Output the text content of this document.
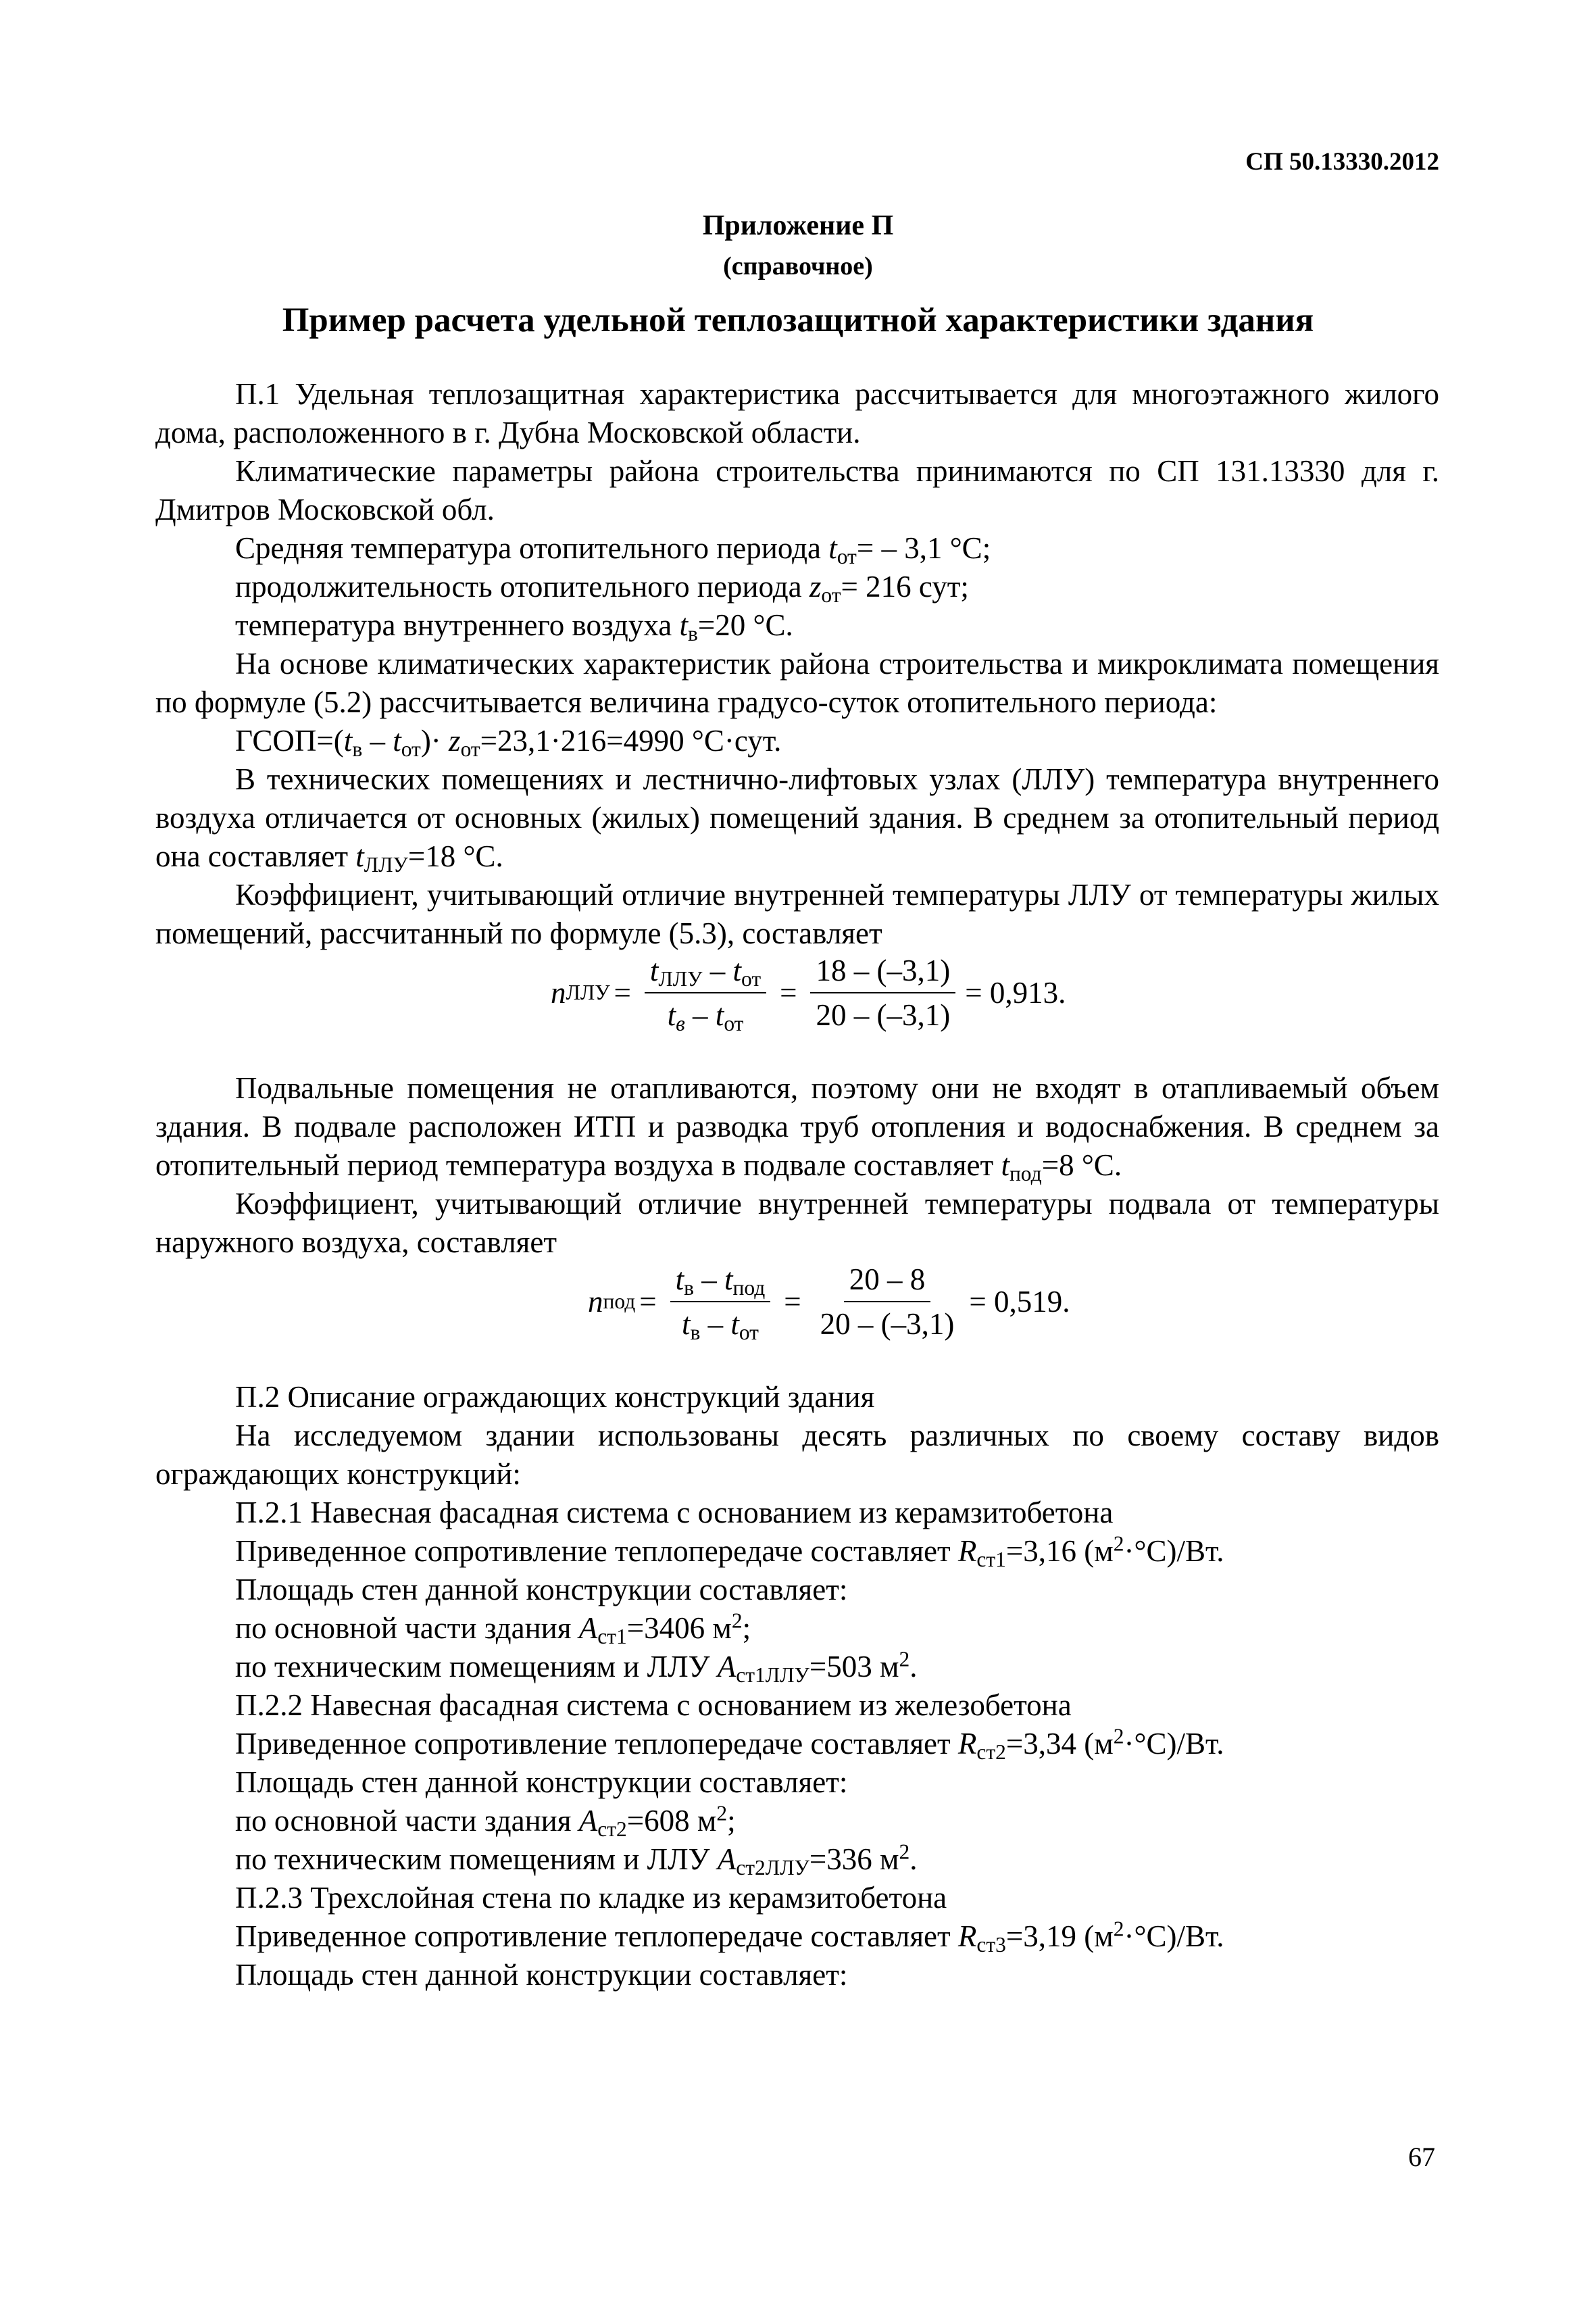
СП 50.13330.2012
Приложение П
(справочное)
Пример расчета удельной теплозащитной характеристики здания

П.1 Удельная теплозащитная характеристика рассчитывается для многоэтажного жилого дома, расположенного в г. Дубна Московской области.

Климатические параметры района строительства принимаются по СП 131.13330 для г. Дмитров Московской обл.

Средняя температура отопительного периода $t_{от}= - 3,1$ °С;

продолжительность отопительного периода $z_{от}= 216$ сут;

температура внутреннего воздуха $t_в=20$ °С.

На основе климатических характеристик района строительства и микроклимата помещения по формуле (5.2) рассчитывается величина градусо-суток отопительного периода:

$ГСОП=(t_в - t_{от})\cdot z_{от}=23,1\cdot 216=4990$ °С·сут.

В технических помещениях и лестнично-лифтовых узлах (ЛЛУ) температура внутреннего воздуха отличается от основных (жилых) помещений здания. В среднем за отопительный период она составляет $t_{ЛЛУ}=18$ °С.

Коэффициент, учитывающий отличие внутренней температуры ЛЛУ от температуры жилых помещений, рассчитанный по формуле (5.3), составляет

n ЛЛУ = $\frac{t_{ЛЛУ} - t_{от}}{t_в - t_{от}} = \frac{18 - (-3,1)}{20 - (-3,1)} = 0,913$.

Подвальные помещения не отапливаются, поэтому они не входят в отапливаемый объем здания. В подвале расположен ИТП и разводка труб отопления и водоснабжения. В среднем за отопительный период температура воздуха в подвале составляет $t_{под}=8$ °С.

Коэффициент, учитывающий отличие внутренней температуры подвала от температуры наружного воздуха, составляет

n под = $\frac{t_в - t_{под}}{t_в - t_{от}} = \frac{20 - 8}{20 - (-3,1)} = 0,519$.

П.2 Описание ограждающих конструкций здания

На исследуемом здании использованы десять различных по своему составу видов ограждающих конструкций:

П.2.1 Навесная фасадная система с основанием из керамзитобетона

Приведенное сопротивление теплопередаче составляет $R_{ст1}=3,16$ $(м^2\cdot^\circ С)/Вт$.

Площадь стен данной конструкции составляет:

по основной части здания $A_{ст1}=3406$ $м^2$;

по техническим помещениям и ЛЛУ $A_{ст1ЛЛУ}=503$ $м^2$.

П.2.2 Навесная фасадная система с основанием из железобетона

Приведенное сопротивление теплопередаче составляет $R_{ст2}=3,34$ $(м^2\cdot^\circ С)/Вт$.

Площадь стен данной конструкции составляет:

по основной части здания $A_{ст2}=608$ $м^2$;

по техническим помещениям и ЛЛУ $A_{ст2ЛЛУ}=336$ $м^2$.

П.2.3 Трехслойная стена по кладке из керамзитобетона

Приведенное сопротивление теплопередаче составляет $R_{ст3}=3,19$ $(м^2\cdot^\circ С)/Вт$.

Площадь стен данной конструкции составляет:

67
